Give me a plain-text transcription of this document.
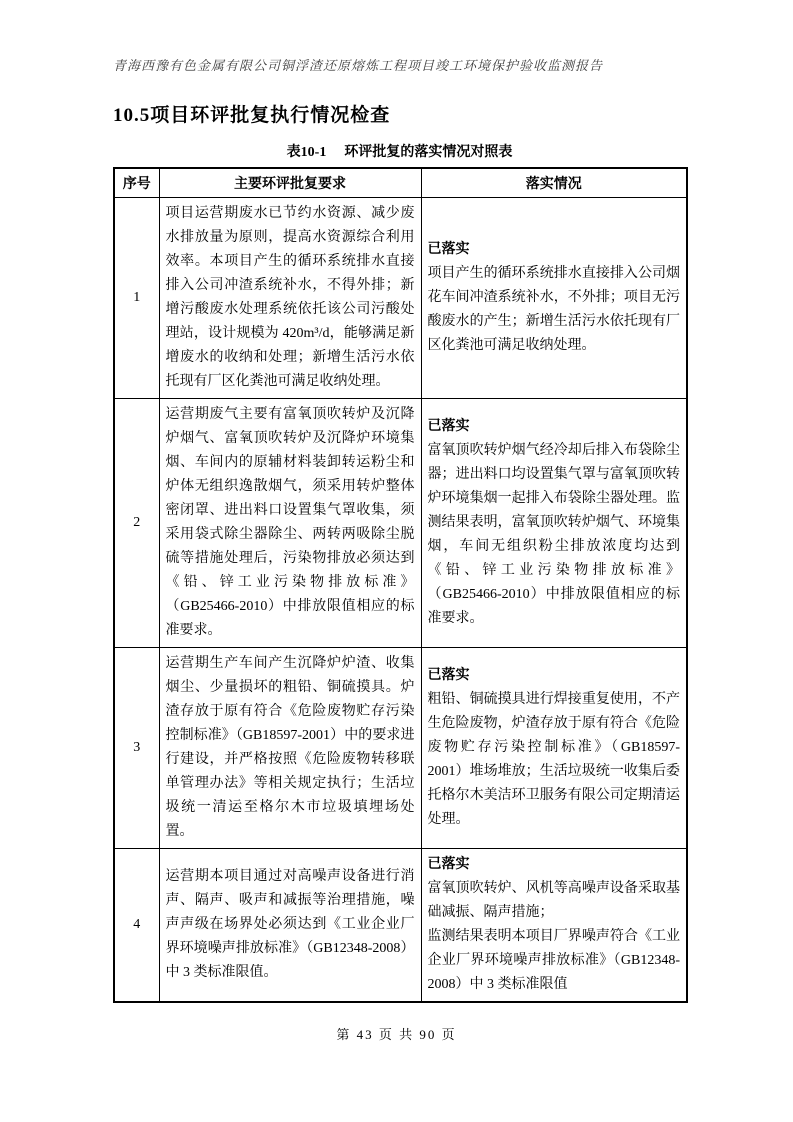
青海西豫有色金属有限公司铜浮渣还原熔炼工程项目竣工环境保护验收监测报告
10.5项目环评批复执行情况检查
表10-1 环评批复的落实情况对照表
序号	主要环评批复要求	落实情况
1	项目运营期废水已节约水资源、减少废水排放量为原则，提高水资源综合利用效率。本项目产生的循环系统排水直接排入公司冲渣系统补水，不得外排；新增污酸废水处理系统依托该公司污酸处理站，设计规模为 420m³/d，能够满足新增废水的收纳和处理；新增生活污水依托现有厂区化粪池可满足收纳处理。	已落实
项目产生的循环系统排水直接排入公司烟花车间冲渣系统补水，不外排；项目无污酸废水的产生；新增生活污水依托现有厂区化粪池可满足收纳处理。

2	运营期废气主要有富氧顶吹转炉及沉降炉烟气、富氧顶吹转炉及沉降炉环境集烟、车间内的原辅材料装卸转运粉尘和炉体无组织逸散烟气，须采用转炉整体密闭罩、进出料口设置集气罩收集，须采用袋式除尘器除尘、两转两吸除尘脱硫等措施处理后，污染物排放必须达到《铅、锌工业污染物排放标准》（GB25466-2010）中排放限值相应的标准要求。	已落实
富氧顶吹转炉烟气经冷却后排入布袋除尘器；进出料口均设置集气罩与富氧顶吹转炉环境集烟一起排入布袋除尘器处理。监测结果表明，富氧顶吹转炉烟气、环境集烟，车间无组织粉尘排放浓度均达到《铅、锌工业污染物排放标准》（GB25466-2010）中排放限值相应的标准要求。

3	运营期生产车间产生沉降炉炉渣、收集烟尘、少量损坏的粗铅、铜硫摸具。炉渣存放于原有符合《危险废物贮存污染控制标准》（GB18597-2001）中的要求进行建设，并严格按照《危险废物转移联单管理办法》等相关规定执行；生活垃圾统一清运至格尔木市垃圾填埋场处置。	已落实
粗铅、铜硫摸具进行焊接重复使用，不产生危险废物，炉渣存放于原有符合《危险废物贮存污染控制标准》（GB18597-2001）堆场堆放；生活垃圾统一收集后委托格尔木美洁环卫服务有限公司定期清运处理。

4	运营期本项目通过对高噪声设备进行消声、隔声、吸声和减振等治理措施，噪声声级在场界处必须达到《工业企业厂界环境噪声排放标准》（GB12348-2008）中 3 类标准限值。	已落实
富氧顶吹转炉、风机等高噪声设备采取基础减振、隔声措施；
监测结果表明本项目厂界噪声符合《工业企业厂界环境噪声排放标准》（GB12348-2008）中 3 类标准限值
第 43 页 共 90 页
